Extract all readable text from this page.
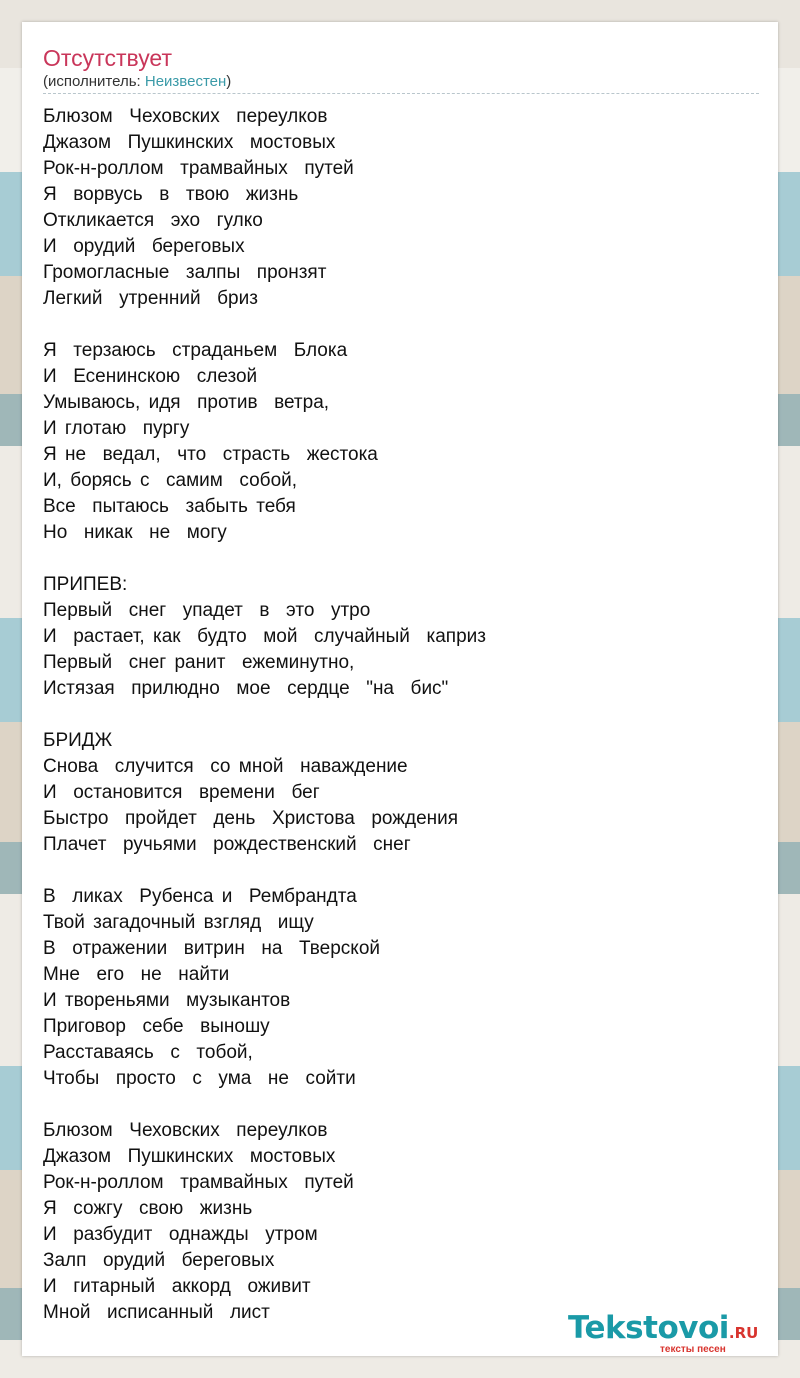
Отсутствует
(исполнитель: Неизвестен)
Блюзом  Чеховских  переулков
Джазом  Пушкинских  мостовых
Рок-н-роллом  трамвайных  путей
Я  ворвусь  в  твою  жизнь
Откликается  эхо  гулко
И  орудий  береговых
Громогласные  залпы  пронзят
Легкий  утренний  бриз
Я  терзаюсь  страданьем  Блока
И  Есенинскою  слезой
Умываюсь, идя  против  ветра,
И глотаю  пургу
Я не  ведал,  что  страсть  жестока
И, борясь с  самим  собой,
Все  пытаюсь  забыть тебя
Но  никак  не  могу
ПРИПЕВ:
Первый  снег  упадет  в  это  утро
И  растает, как  будто  мой  случайный  каприз
Первый  снег ранит  ежеминутно,
Истязая  прилюдно  мое  сердце  "на  бис"
БРИДЖ
Снова  случится  со мной  наваждение
И  остановится  времени  бег
Быстро  пройдет  день  Христова  рождения
Плачет  ручьями  рождественский  снег
В  ликах  Рубенса и  Рембрандта
Твой загадочный взгляд  ищу
В  отражении  витрин  на  Тверской
Мне  его  не  найти
И творeньями  музыкантов
Приговор  себе  выношу
Расставаясь  с  тобой,
Чтобы  просто  с  ума  не  сойти
Блюзом  Чеховских  переулков
Джазом  Пушкинских  мостовых
Рок-н-роллом  трамвайных  путей
Я  сожгу  свою  жизнь
И  разбудит  однажды  утром
Залп  орудий  береговых
И  гитарный  аккорд  оживит
Мной  исписанный  лист	Tekstovoi.RU
тексты песен
